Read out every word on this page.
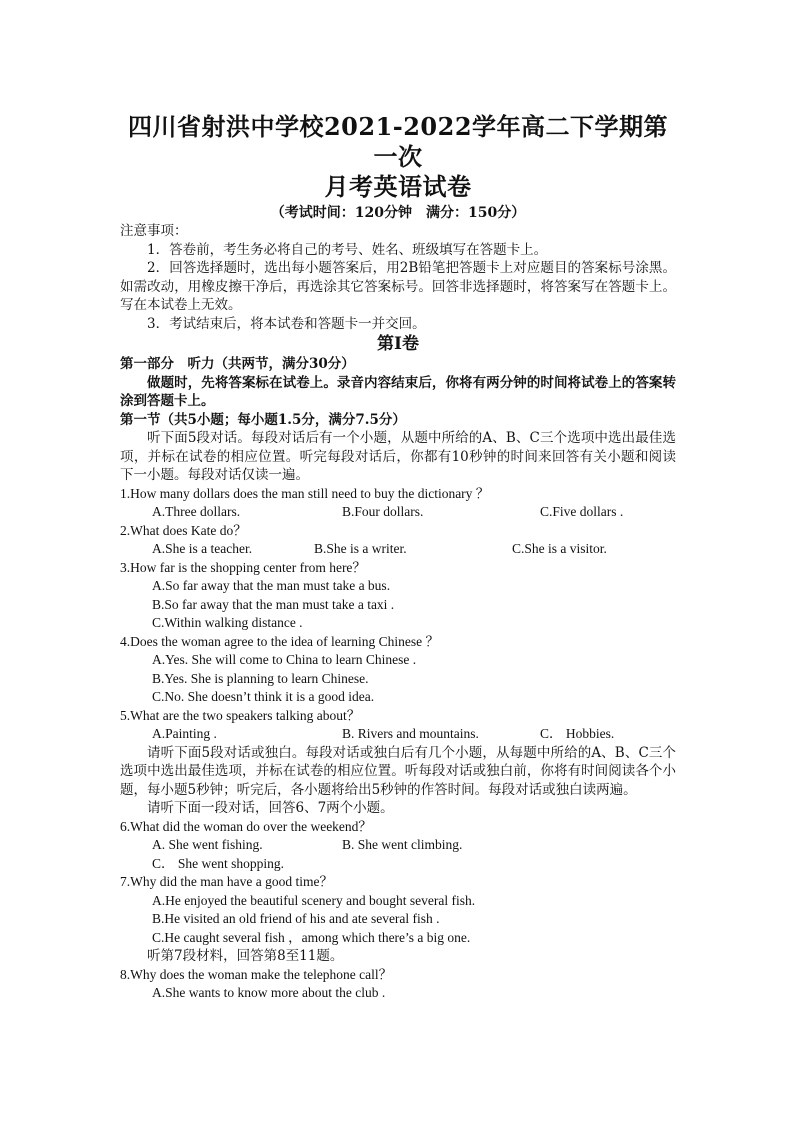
四川省射洪中学校2021-2022学年高二下学期第一次
月考英语试卷
（考试时间：120分钟　满分：150分）

注意事项：

1．答卷前，考生务必将自己的考号、姓名、班级填写在答题卡上。

2．回答选择题时，选出每小题答案后，用2B铅笔把答题卡上对应题目的答案标号涂黑。如需改动，用橡皮擦干净后，再选涂其它答案标号。回答非选择题时，将答案写在答题卡上。写在本试卷上无效。

3．考试结束后，将本试卷和答题卡一并交回。

第I卷

第一部分　听力（共两节，满分30分）

做题时，先将答案标在试卷上。录音内容结束后，你将有两分钟的时间将试卷上的答案转涂到答题卡上。

第一节（共5小题；每小题1.5分，满分7.5分）

听下面5段对话。每段对话后有一个小题，从题中所给的A、B、C三个选项中选出最佳选项，并标在试卷的相应位置。听完每段对话后，你都有10秒钟的时间来回答有关小题和阅读下一小题。每段对话仅读一遍。

1.How many dollars does the man still need to buy the dictionary ？
A.Three dollars.	B.Four dollars.	C.Five dollars .
2.What does Kate do？
A.She is a teacher.	B.She is a writer.	C.She is a visitor.
3.How far is the shopping center from here？
A.So far away that the man must take a bus.
B.So far away that the man must take a taxi .
C.Within walking distance .
4.Does the woman agree to the idea of learning Chinese ？
A.Yes. She will come to China to learn Chinese .
B.Yes. She is planning to learn Chinese.
C.No. She doesn’t think it is a good idea.
5.What are the two speakers talking about？
A.Painting .	B. Rivers and mountains.	C． Hobbies.

请听下面5段对话或独白。每段对话或独白后有几个小题，从每题中所给的A、B、C三个选项中选出最佳选项，并标在试卷的相应位置。听每段对话或独白前，你将有时间阅读各个小题，每小题5秒钟；听完后，各小题将给出5秒钟的作答时间。每段对话或独白读两遍。

请听下面一段对话，回答6、7两个小题。

6.What did the woman do over the weekend？
A. She went fishing.	B. She went climbing.
C． She went shopping.
7.Why did the man have a good time？
A.He enjoyed the beautiful scenery and bought several fish.
B.He visited an old friend of his and ate several fish .
C.He caught several fish ，among which there’s a big one.

听第7段材料，回答第8至11题。

8.Why does the woman make the telephone call？
A.She wants to know more about the club .
